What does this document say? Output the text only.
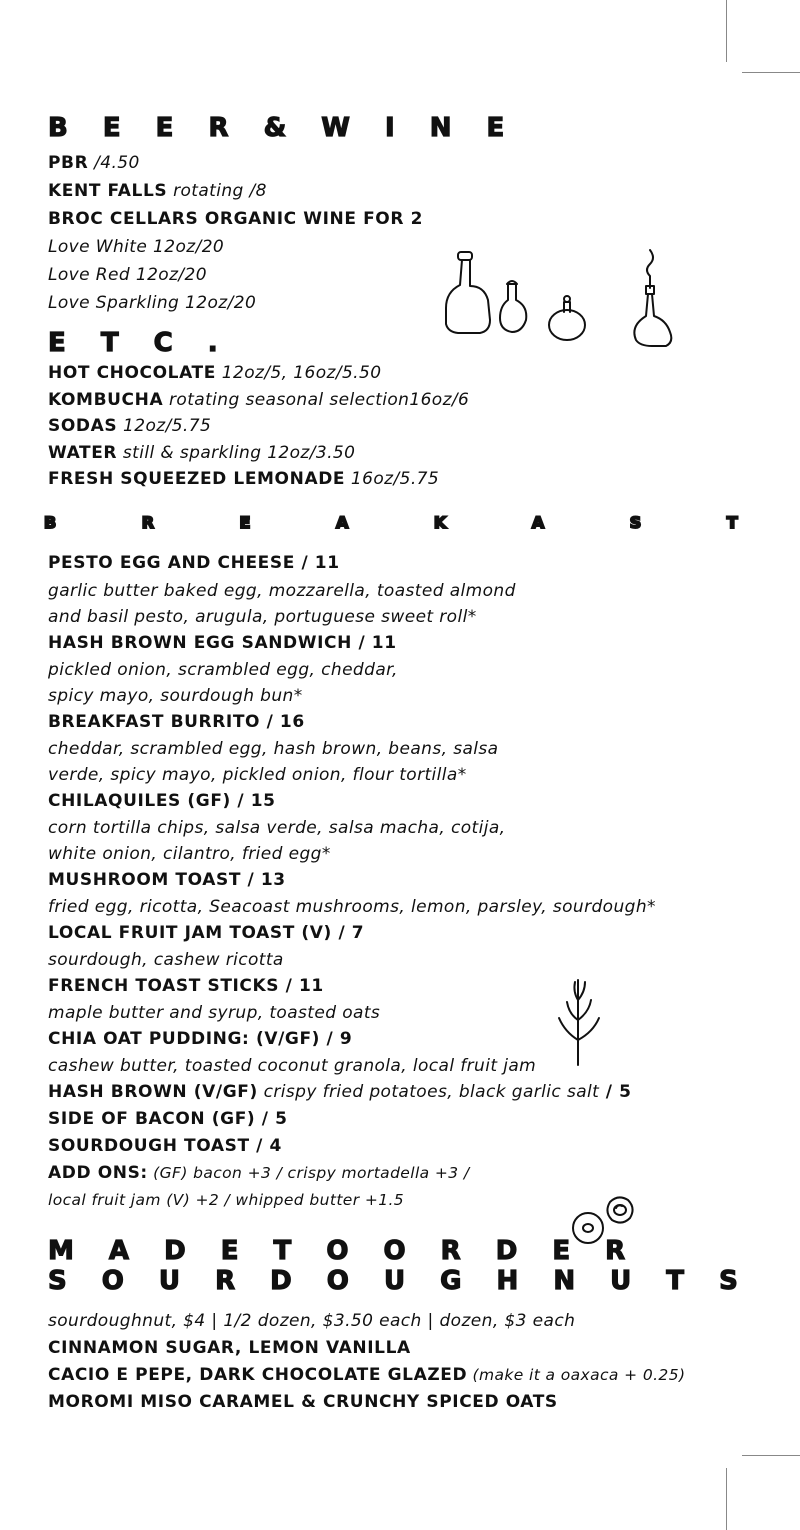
B E E R & W I N E

PBR /4.50

KENT FALLS rotating /8

BROC CELLARS ORGANIC WINE FOR 2

Love White 12oz/20

Love Red 12oz/20

Love Sparkling 12oz/20

E T C .

HOT CHOCOLATE 12oz/5, 16oz/5.50

KOMBUCHA rotating seasonal selection16oz/6

SODAS 12oz/5.75

WATER still & sparkling 12oz/3.50

FRESH SQUEEZED LEMONADE 16oz/5.75

B R E A K A S T

PESTO EGG AND CHEESE / 11

garlic butter baked egg, mozzarella, toasted almond

and basil pesto, arugula, portuguese sweet roll*

HASH BROWN EGG SANDWICH / 11

pickled onion, scrambled egg, cheddar,

spicy mayo, sourdough bun*

BREAKFAST BURRITO / 16

cheddar, scrambled egg, hash brown, beans, salsa

verde, spicy mayo, pickled onion, flour tortilla*

CHILAQUILES (GF) / 15

corn tortilla chips, salsa verde, salsa macha, cotija,

white onion, cilantro, fried egg*

MUSHROOM TOAST / 13

fried egg, ricotta, Seacoast mushrooms, lemon, parsley, sourdough*

LOCAL FRUIT JAM TOAST (V) / 7

sourdough, cashew ricotta

FRENCH TOAST STICKS / 11

maple butter and syrup, toasted oats

CHIA OAT PUDDING: (V/GF) / 9

cashew butter, toasted coconut granola, local fruit jam

HASH BROWN (V/GF) crispy fried potatoes, black garlic salt / 5

SIDE OF BACON (GF) / 5

SOURDOUGH TOAST / 4

ADD ONS: (GF) bacon +3 / crispy mortadella +3 /

local fruit jam (V) +2 / whipped butter +1.5

M A D E T O O R D E R
S O U R D O U G H N U T S

sourdoughnut, $4 | 1/2 dozen, $3.50 each | dozen, $3 each

CINNAMON SUGAR, LEMON VANILLA

CACIO E PEPE, DARK CHOCOLATE GLAZED (make it a oaxaca + 0.25)

MOROMI MISO CARAMEL & CRUNCHY SPICED OATS
